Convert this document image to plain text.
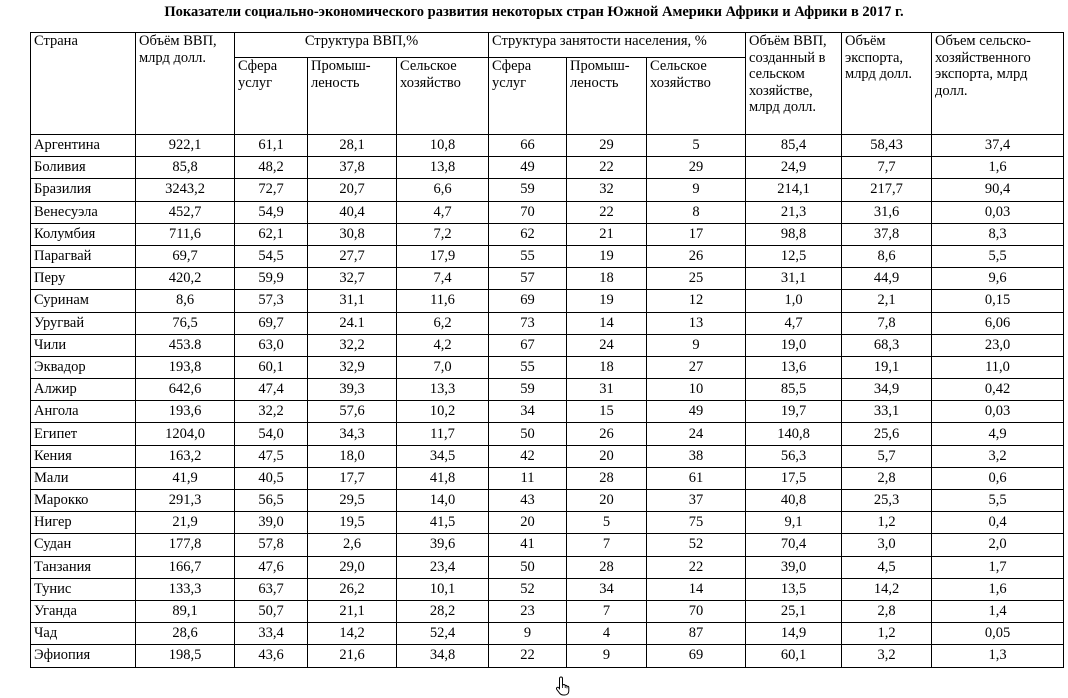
Показатели социально-экономического развития некоторых стран Южной Америки Африки и Африки в 2017 г.
Страна	Объём ВВП, млрд долл.	Структура ВВП,%			Структура занятости населения, %			Объём ВВП, созданный в сельском хозяйстве, млрд долл.	Объём экспорта, млрд долл.	Объем сельско-хозяйственного экспорта, млрд долл.
		Сфера услуг	Промыш-леность	Сельское хозяйство	Сфера услуг	Промыш-леность	Сельское хозяйство			
Аргентина	922,1	61,1	28,1	10,8	66	29	5	85,4	58,43	37,4
Боливия	85,8	48,2	37,8	13,8	49	22	29	24,9	7,7	1,6
Бразилия	3243,2	72,7	20,7	6,6	59	32	9	214,1	217,7	90,4
Венесуэла	452,7	54,9	40,4	4,7	70	22	8	21,3	31,6	0,03
Колумбия	711,6	62,1	30,8	7,2	62	21	17	98,8	37,8	8,3
Парагвай	69,7	54,5	27,7	17,9	55	19	26	12,5	8,6	5,5
Перу	420,2	59,9	32,7	7,4	57	18	25	31,1	44,9	9,6
Суринам	8,6	57,3	31,1	11,6	69	19	12	1,0	2,1	0,15
Уругвай	76,5	69,7	24.1	6,2	73	14	13	4,7	7,8	6,06
Чили	453.8	63,0	32,2	4,2	67	24	9	19,0	68,3	23,0
Эквадор	193,8	60,1	32,9	7,0	55	18	27	13,6	19,1	11,0
Алжир	642,6	47,4	39,3	13,3	59	31	10	85,5	34,9	0,42
Ангола	193,6	32,2	57,6	10,2	34	15	49	19,7	33,1	0,03
Египет	1204,0	54,0	34,3	11,7	50	26	24	140,8	25,6	4,9
Кения	163,2	47,5	18,0	34,5	42	20	38	56,3	5,7	3,2
Мали	41,9	40,5	17,7	41,8	11	28	61	17,5	2,8	0,6
Марокко	291,3	56,5	29,5	14,0	43	20	37	40,8	25,3	5,5
Нигер	21,9	39,0	19,5	41,5	20	5	75	9,1	1,2	0,4
Судан	177,8	57,8	2,6	39,6	41	7	52	70,4	3,0	2,0
Танзания	166,7	47,6	29,0	23,4	50	28	22	39,0	4,5	1,7
Тунис	133,3	63,7	26,2	10,1	52	34	14	13,5	14,2	1,6
Уганда	89,1	50,7	21,1	28,2	23	7	70	25,1	2,8	1,4
Чад	28,6	33,4	14,2	52,4	9	4	87	14,9	1,2	0,05
Эфиопия	198,5	43,6	21,6	34,8	22	9	69	60,1	3,2	1,3
